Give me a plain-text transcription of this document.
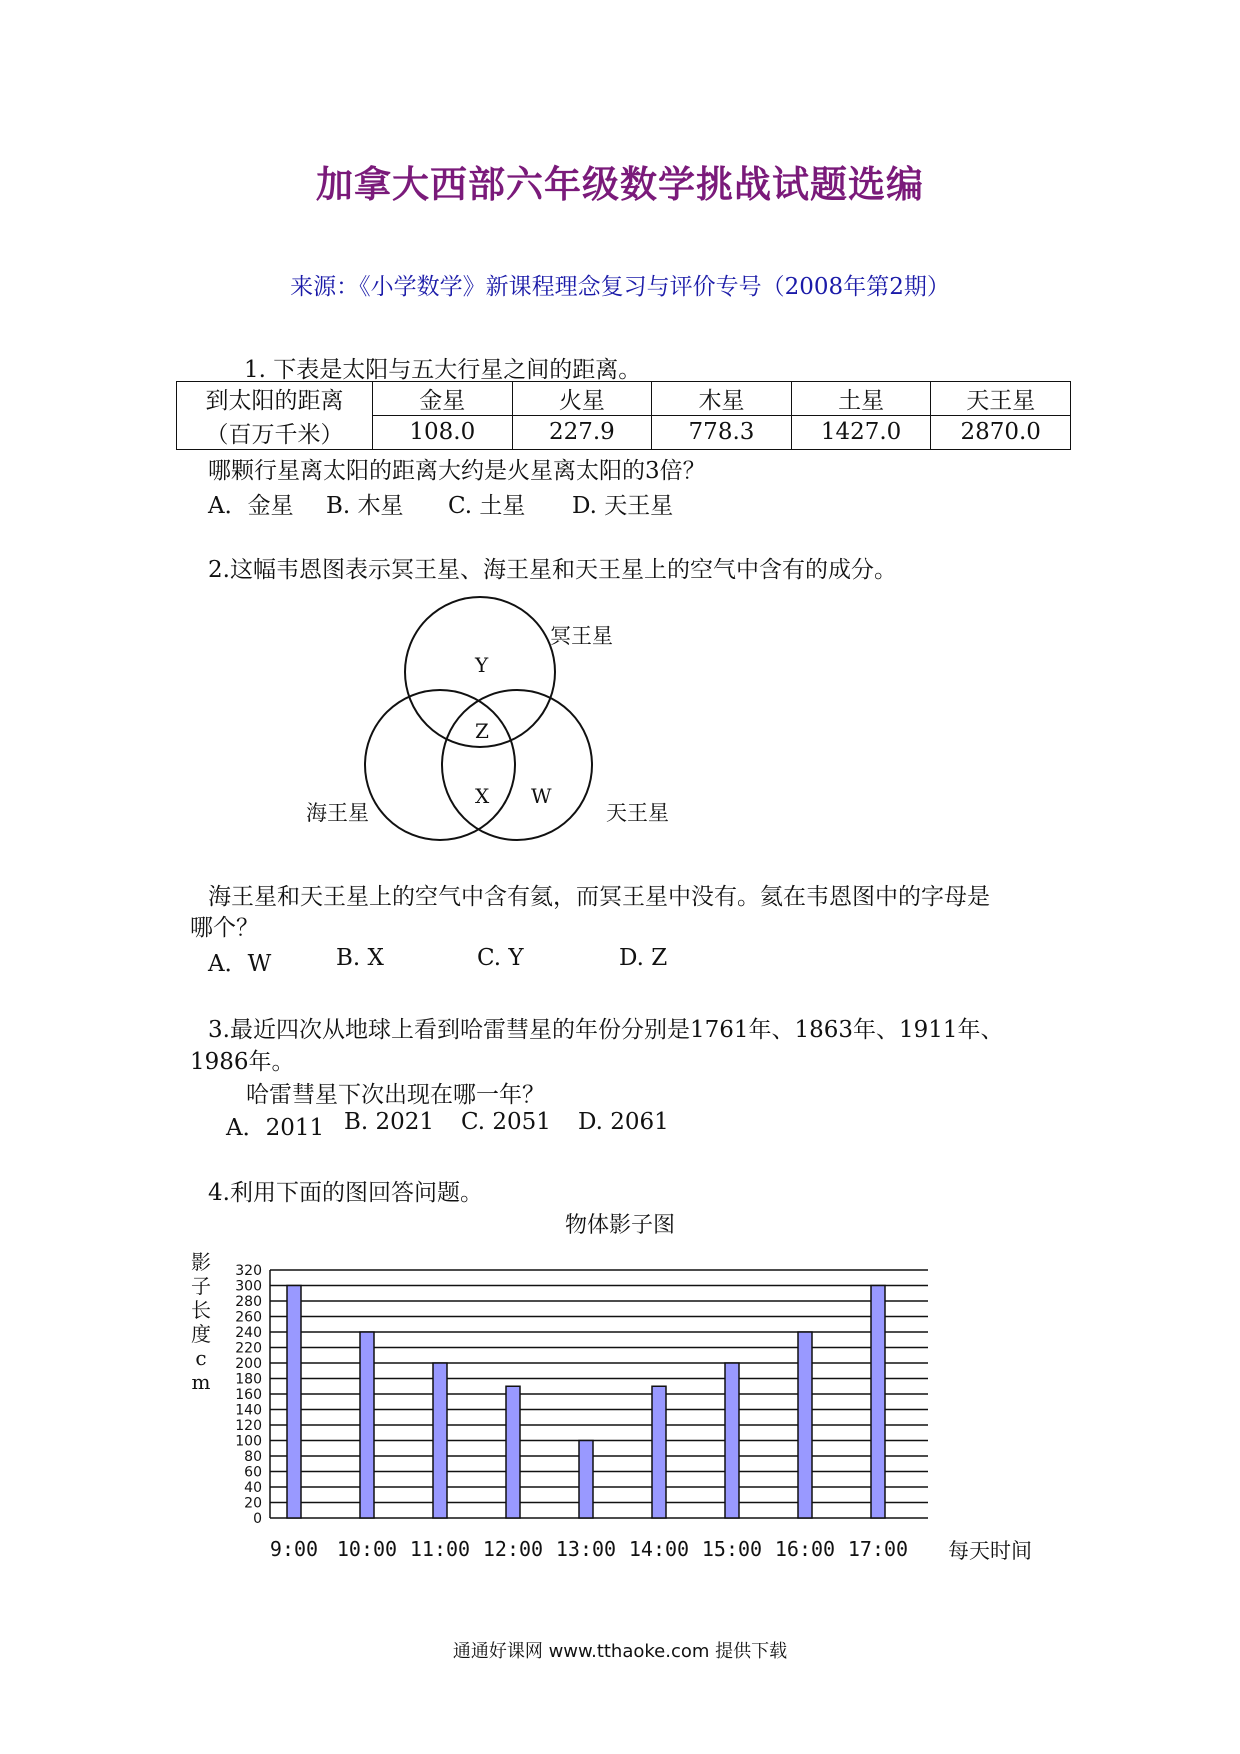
加拿大西部六年级数学挑战试题选编
来源：《小学数学》新课程理念复习与评价专号（2008年第2期）
1. 下表是太阳与五大行星之间的距离。
到太阳的距离	金星	火星	木星	土星	天王星
（百万千米）	108.0	227.9	778.3	1427.0	2870.0
哪颗行星离太阳的距离大约是火星离太阳的3倍？
A．金星 B. 木星 C. 土星 D. 天王星
2.这幅韦恩图表示冥王星、海王星和天王星上的空气中含有的成分。
冥王星
海王星	天王星
Y
Z
X W
海王星和天王星上的空气中含有氦，而冥王星中没有。氦在韦恩图中的字母是
哪个？
A．W	B. X	C. Y	D. Z
3.最近四次从地球上看到哈雷彗星的年份分别是1761年、1863年、1911年、
1986年。
哈雷彗星下次出现在哪一年？
A．2011 B. 2021 C. 2051 D. 2061
4.利用下面的图回答问题。
物体影子图
影子长度cm
0
20
40
60
80
100
120
140
160
180
200
220
240
260
280
300
320
9:00 10:00 11:00 12:00 13:00 14:00 15:00 16:00 17:00 每天时间
通通好课网 www.tthaoke.com 提供下载
